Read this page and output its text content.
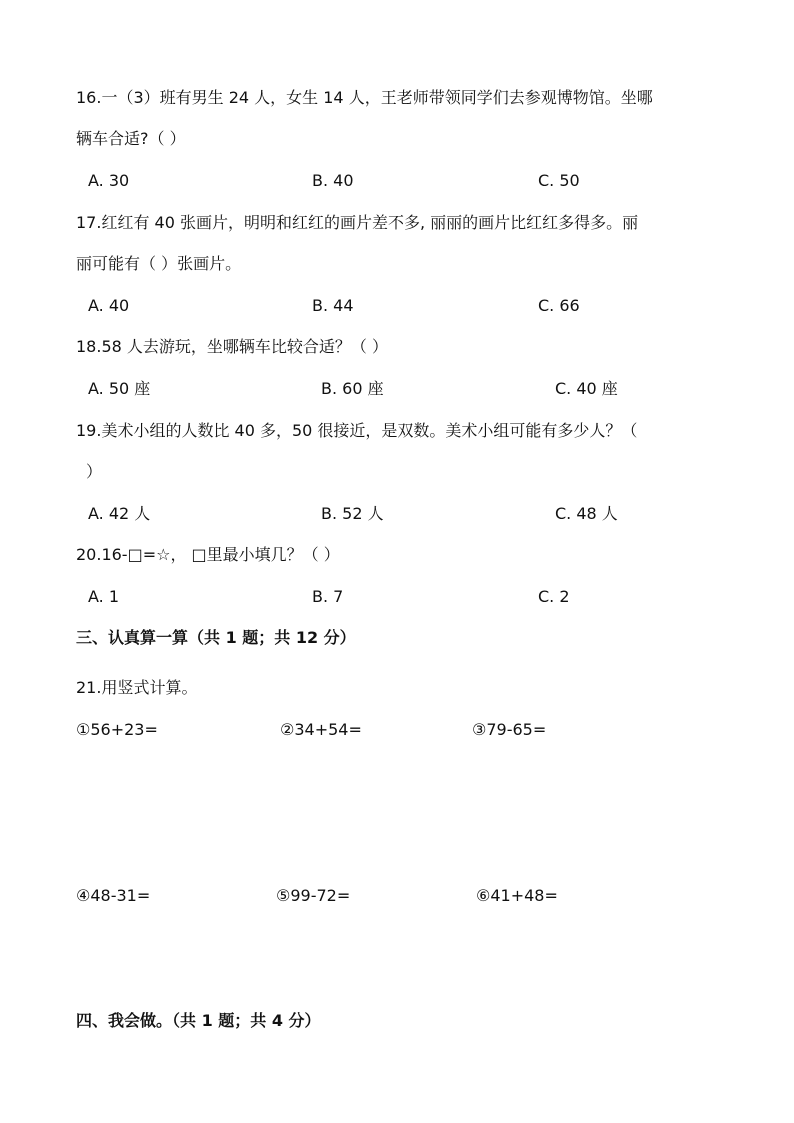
16.一（3）班有男生 24 人，女生 14 人，王老师带领同学们去参观博物馆。坐哪
辆车合适?（ ）
A. 30	B. 40	C. 50
17.红红有 40 张画片，明明和红红的画片差不多, 丽丽的画片比红红多得多。丽
丽可能有（ ）张画片。
A. 40	B. 44	C. 66
18.58 人去游玩，坐哪辆车比较合适？（ ）
A. 50 座	B. 60 座	C. 40 座
19.美术小组的人数比 40 多，50 很接近，是双数。美术小组可能有多少人？（
）
A. 42 人	B. 52 人	C. 48 人
20.16-□=☆， □里最小填几？（ ）
A. 1	B. 7	C. 2
三、认真算一算（共 1 题；共 12 分）
21.用竖式计算。
①56+23=	②34+54=	③79-65=
④48-31=	⑤99-72=	⑥41+48=
四、我会做。（共 1 题；共 4 分）
